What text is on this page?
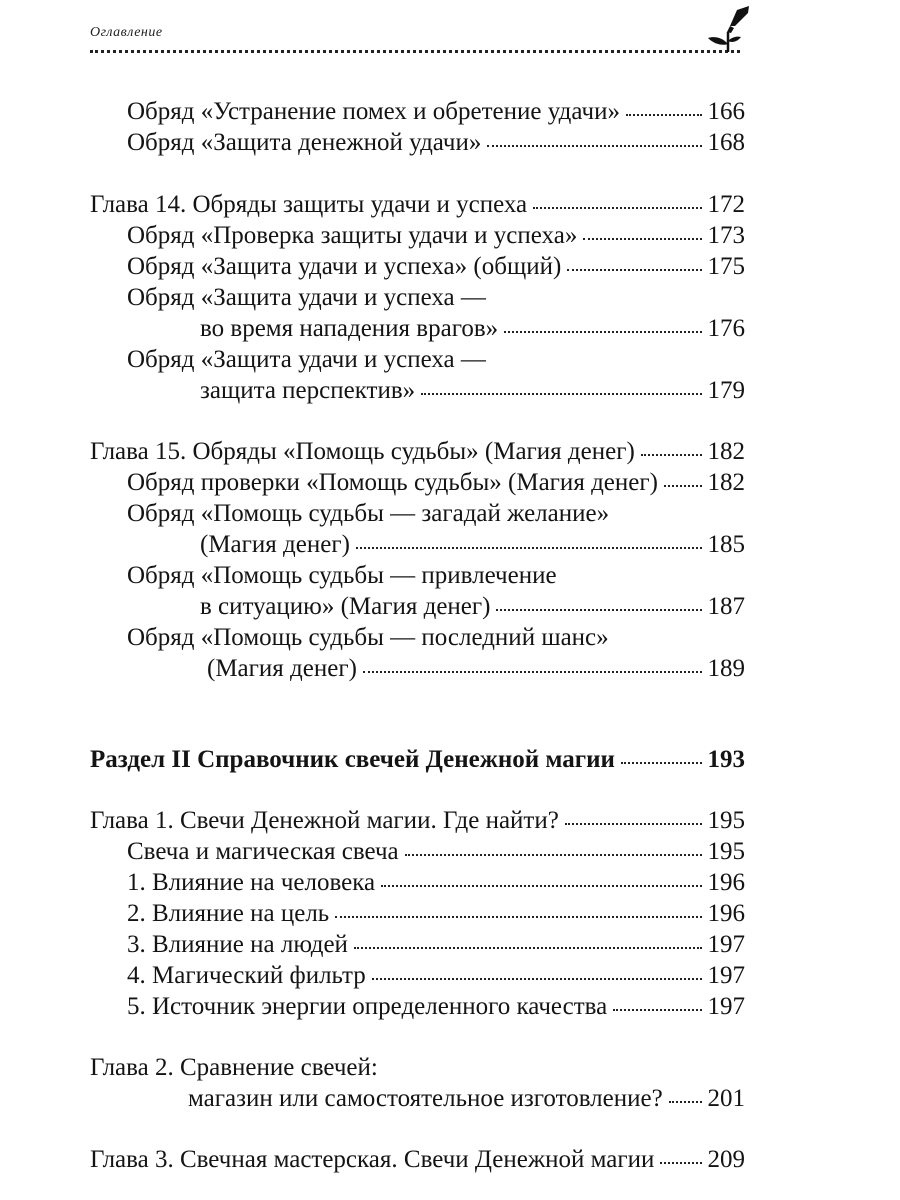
Оглавление
Обряд «Устранение помех и обретение удачи»	166
Обряд «Защита денежной удачи»	168
Глава 14. Обряды защиты удачи и успеха	172
Обряд «Проверка защиты удачи и успеха»	173
Обряд «Защита удачи и успеха» (общий)	175
Обряд «Защита удачи и успеха —
во время нападения врагов»	176
Обряд «Защита удачи и успеха —
защита перспектив»	179
Глава 15. Обряды «Помощь судьбы» (Магия денег)	182
Обряд проверки «Помощь судьбы» (Магия денег) 182
Обряд «Помощь судьбы — загадай желание»
(Магия денег)	185
Обряд «Помощь судьбы — привлечение
в ситуацию» (Магия денег)	187
Обряд «Помощь судьбы — последний шанс»
(Магия денег)	189
Раздел II Справочник свечей Денежной магии	193
Глава 1. Свечи Денежной магии. Где найти?	195
Свеча и магическая свеча	195
1. Влияние на человека	196
2. Влияние на цель	196
3. Влияние на людей	197
4. Магический фильтр	197
5. Источник энергии определенного качества	197
Глава 2. Сравнение свечей:
магазин или самостоятельное изготовление? 201
Глава 3. Свечная мастерская. Свечи Денежной магии 209
